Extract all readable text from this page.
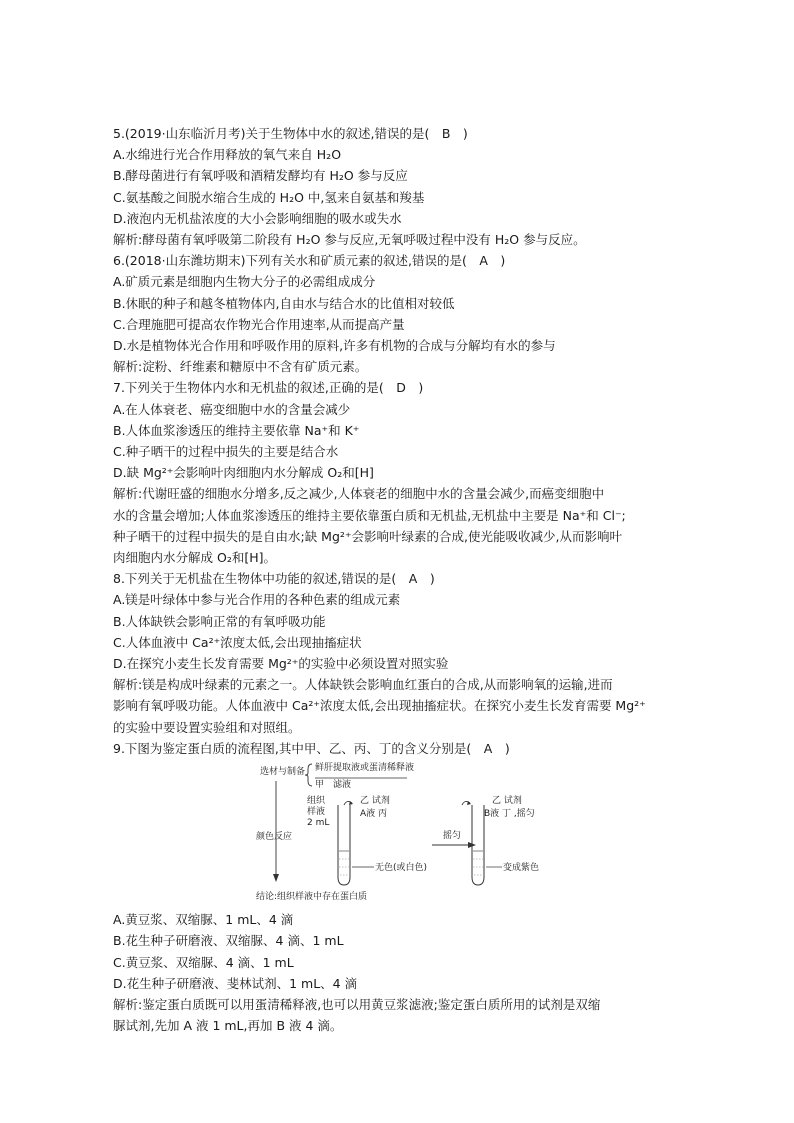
5.(2019·山东临沂月考)关于生物体中水的叙述,错误的是(　B　)
A.水绵进行光合作用释放的氧气来自 H₂O
B.酵母菌进行有氧呼吸和酒精发酵均有 H₂O 参与反应
C.氨基酸之间脱水缩合生成的 H₂O 中,氢来自氨基和羧基
D.液泡内无机盐浓度的大小会影响细胞的吸水或失水
解析:酵母菌有氧呼吸第二阶段有 H₂O 参与反应,无氧呼吸过程中没有 H₂O 参与反应。
6.(2018·山东潍坊期末)下列有关水和矿质元素的叙述,错误的是(　A　)
A.矿质元素是细胞内生物大分子的必需组成成分
B.休眠的种子和越冬植物体内,自由水与结合水的比值相对较低
C.合理施肥可提高农作物光合作用速率,从而提高产量
D.水是植物体光合作用和呼吸作用的原料,许多有机物的合成与分解均有水的参与
解析:淀粉、纤维素和糖原中不含有矿质元素。
7.下列关于生物体内水和无机盐的叙述,正确的是(　D　)
A.在人体衰老、癌变细胞中水的含量会减少
B.人体血浆渗透压的维持主要依靠 Na⁺和 K⁺
C.种子晒干的过程中损失的主要是结合水
D.缺 Mg²⁺会影响叶肉细胞内水分解成 O₂和[H]
解析:代谢旺盛的细胞水分增多,反之减少,人体衰老的细胞中水的含量会减少,而癌变细胞中
水的含量会增加;人体血浆渗透压的维持主要依靠蛋白质和无机盐,无机盐中主要是 Na⁺和 Cl⁻;
种子晒干的过程中损失的是自由水;缺 Mg²⁺会影响叶绿素的合成,使光能吸收减少,从而影响叶
肉细胞内水分解成 O₂和[H]。
8.下列关于无机盐在生物体中功能的叙述,错误的是(　A　)
A.镁是叶绿体中参与光合作用的各种色素的组成元素
B.人体缺铁会影响正常的有氧呼吸功能
C.人体血液中 Ca²⁺浓度太低,会出现抽搐症状
D.在探究小麦生长发育需要 Mg²⁺的实验中必须设置对照实验
解析:镁是构成叶绿素的元素之一。人体缺铁会影响血红蛋白的合成,从而影响氧的运输,进而
影响有氧呼吸功能。人体血液中 Ca²⁺浓度太低,会出现抽搐症状。在探究小麦生长发育需要 Mg²⁺
的实验中要设置实验组和对照组。
9.下图为鉴定蛋白质的流程图,其中甲、乙、丙、丁的含义分别是(　A　)
选材与制备 鲜肝提取液或蛋清稀释液
甲　滤液
颜色反应
组织
样液
2 mL
乙 试剂
A液 丙
无色(或白色)
摇匀
乙 试剂
B液 丁 ,摇匀
变成紫色
结论:组织样液中存在蛋白质
A.黄豆浆、双缩脲、1 mL、4 滴
B.花生种子研磨液、双缩脲、4 滴、1 mL
C.黄豆浆、双缩脲、4 滴、1 mL
D.花生种子研磨液、斐林试剂、1 mL、4 滴
解析:鉴定蛋白质既可以用蛋清稀释液,也可以用黄豆浆滤液;鉴定蛋白质所用的试剂是双缩
脲试剂,先加 A 液 1 mL,再加 B 液 4 滴。
